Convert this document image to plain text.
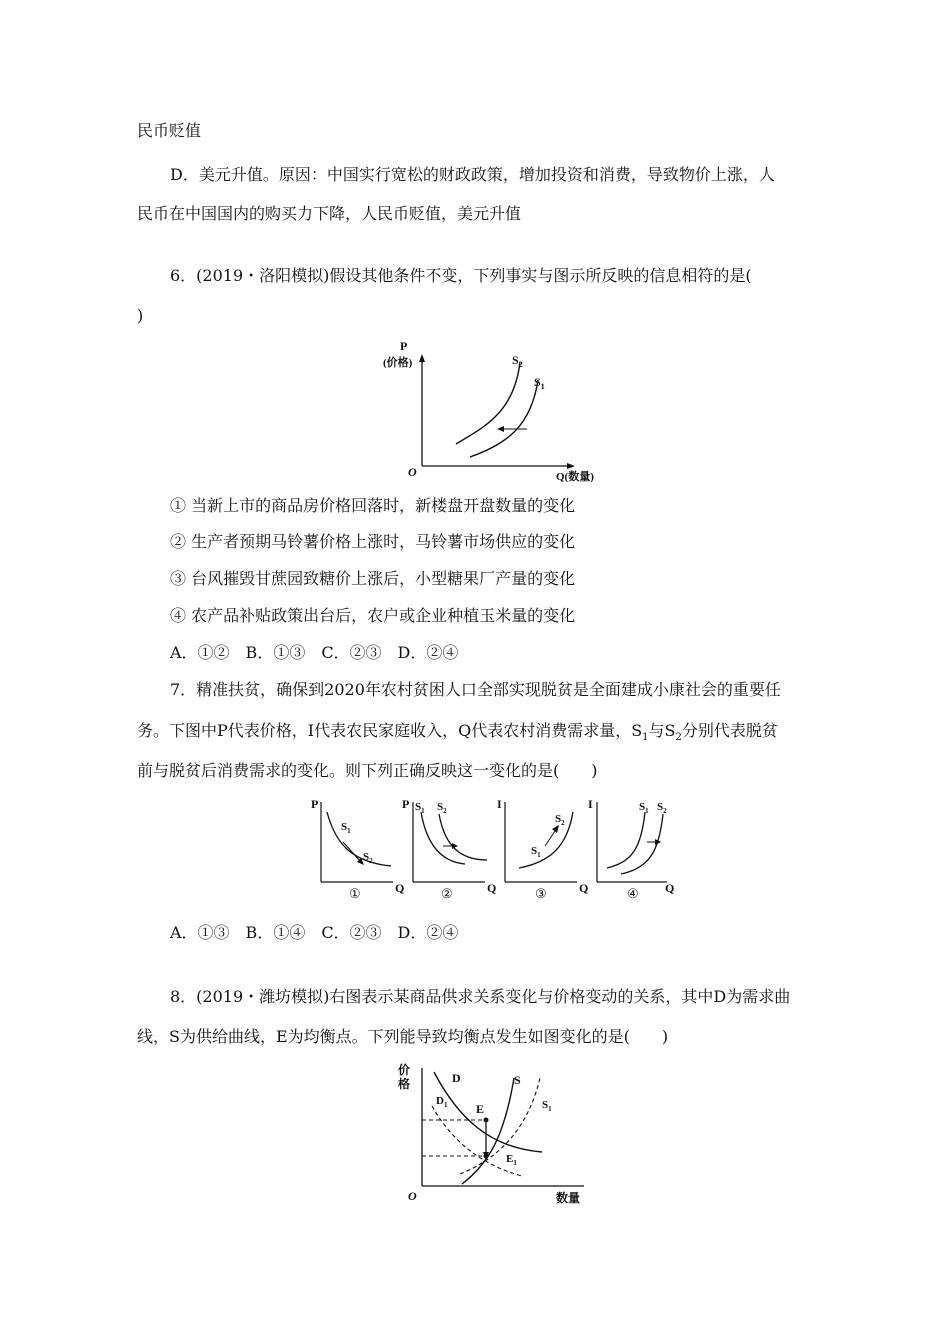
民币贬值
D．美元升值。原因：中国实行宽松的财政政策，增加投资和消费，导致物价上涨，人
民币在中国国内的购买力下降，人民币贬值，美元升值
6．(2019・洛阳模拟)假设其他条件不变，下列事实与图示所反映的信息相符的是(
)
P
(价格)
O	Q(数量)
$S_2$
$S_1$
① 当新上市的商品房价格回落时，新楼盘开盘数量的变化
② 生产者预期马铃薯价格上涨时，马铃薯市场供应的变化
③ 台风摧毁甘蔗园致糖价上涨后，小型糖果厂产量的变化
④ 农产品补贴政策出台后，农户或企业种植玉米量的变化
A．①②　B．①③　C．②③　D．②④
7．精准扶贫，确保到2020年农村贫困人口全部实现脱贫是全面建成小康社会的重要任
务。下图中P代表价格，I代表农民家庭收入，Q代表农村消费需求量，$S_1$与$S_2$分别代表脱贫
前与脱贫后消费需求的变化。则下列正确反映这一变化的是(　　)
P
Q
$S_1$
$S_2$
①
P
Q
$S_1$ $S_2$
②
I
Q
$S_1$
$S_2$
③
I
Q
$S_1$ $S_2$
④
A．①③　B．①④　C．②③　D．②④
8．(2019・潍坊模拟)右图表示某商品供求关系变化与价格变动的关系，其中D为需求曲
线，S为供给曲线，E为均衡点。下列能导致均衡点发生如图变化的是(　　)
价
格
O	数量
D	S
$D_1$	$S_1$
E
$E_1$
